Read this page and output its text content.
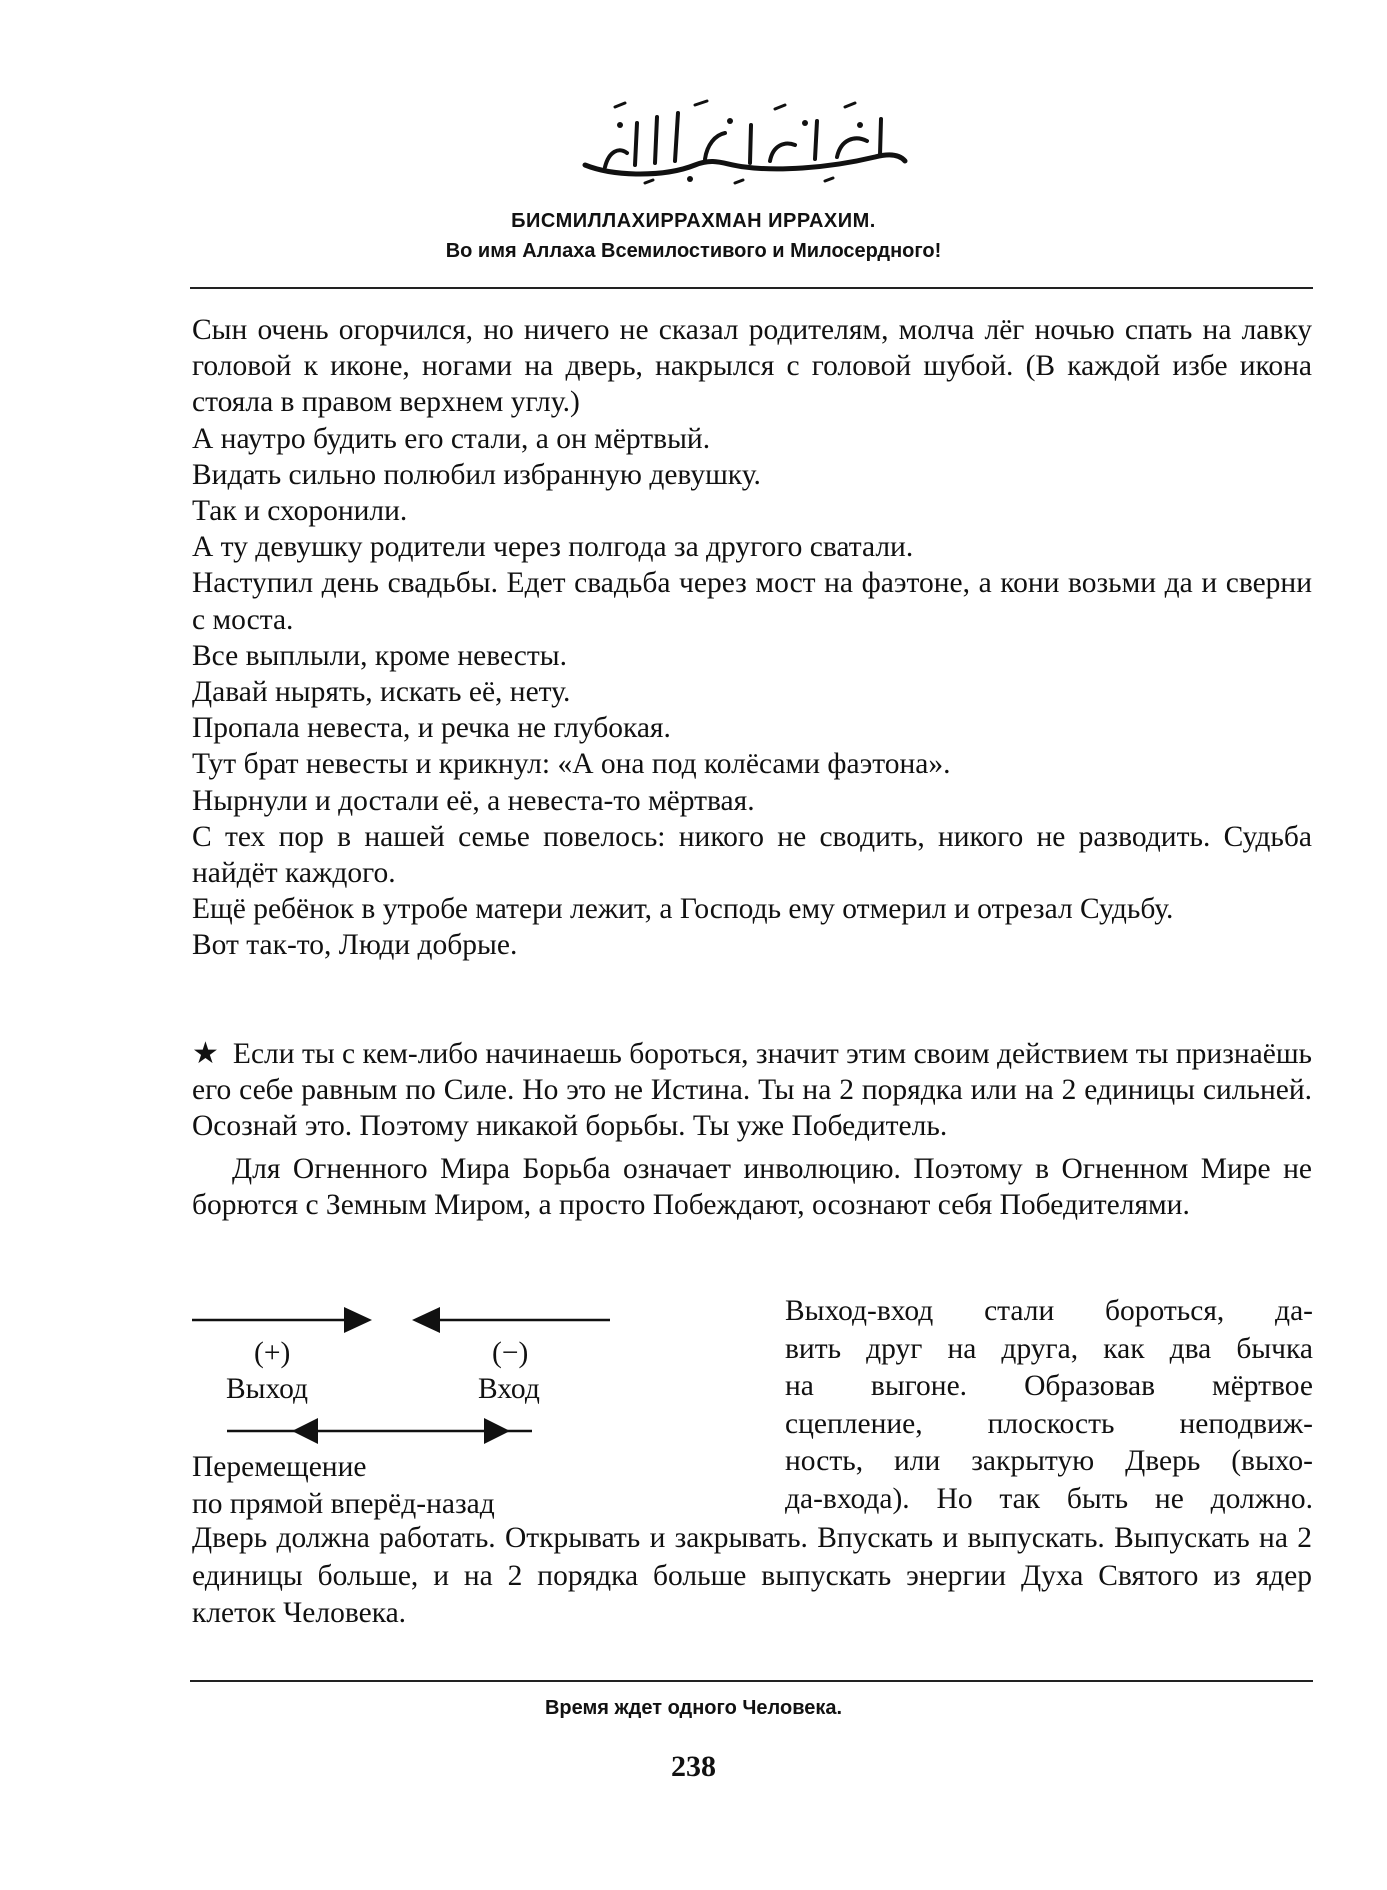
БИСМИЛЛАХИРРАХМАН ИРРАХИМ.
Во имя Аллаха Всемилостивого и Милосердного!

Сын очень огорчился, но ничего не сказал родителям, молча лёг ночью спать на лавку головой к иконе, ногами на дверь, накрылся с головой шубой. (В каждой избе икона стояла в правом верхнем углу.)

А наутро будить его стали, а он мёртвый.

Видать сильно полюбил избранную девушку.

Так и схоронили.

А ту девушку родители через полгода за другого сватали.

Наступил день свадьбы. Едет свадьба через мост на фаэтоне, а кони возьми да и сверни с моста.

Все выплыли, кроме невесты.

Давай нырять, искать её, нету.

Пропала невеста, и речка не глубокая.

Тут брат невесты и крикнул: «А она под колёсами фаэтона».

Нырнули и достали её, а невеста-то мёртвая.

С тех пор в нашей семье повелось: никого не сводить, никого не разводить. Судьба найдёт каждого.

Ещё ребёнок в утробе матери лежит, а Господь ему отмерил и отрезал Судьбу.

Вот так-то, Люди добрые.

★ Если ты с кем-либо начинаешь бороться, значит этим своим действием ты признаёшь его себе равным по Силе. Но это не Истина. Ты на 2 порядка или на 2 единицы сильней. Осознай это. Поэтому никакой борьбы. Ты уже Победитель.

Для Огненного Мира Борьба означает инволюцию. Поэтому в Огненном Мире не борются с Земным Миром, а просто Побеждают, осознают себя Победителями.

(+)	(−)
Выход	Вход
Перемещение
по прямой вперёд-назад

Выход-вход стали бороться, да-

вить друг на друга, как два бычка

на выгоне. Образовав мёртвое

сцепление, плоскость неподвиж-

ность, или закрытую Дверь (выхо-

да-входа). Но так быть не должно.

Дверь должна работать. Открывать и закрывать. Впускать и выпускать. Выпускать на 2 единицы больше, и на 2 порядка больше выпускать энергии Духа Святого из ядер клеток Человека.

Время ждет одного Человека.
238
